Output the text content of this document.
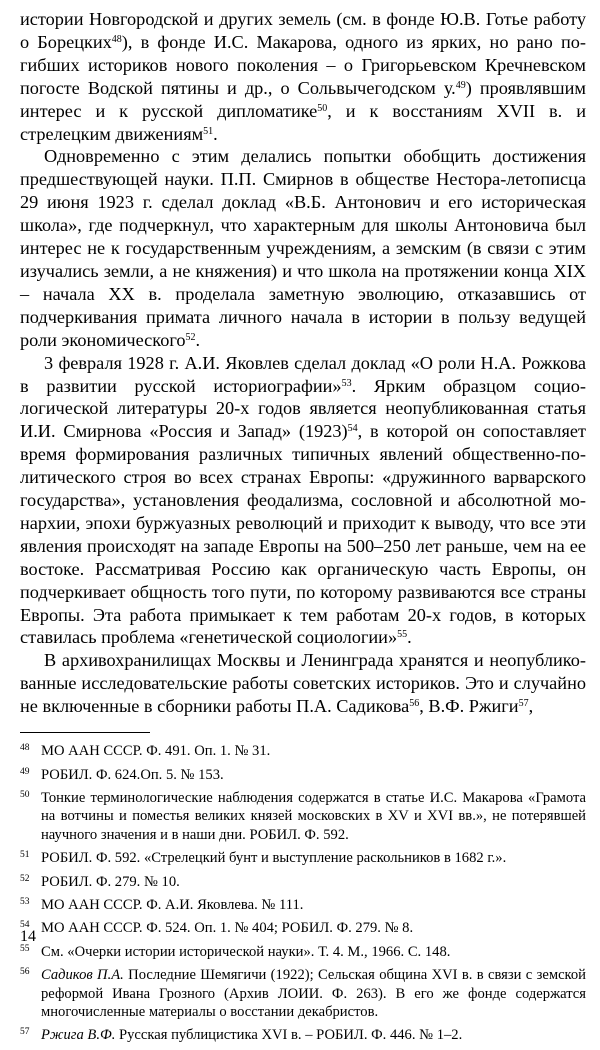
истории Новгородской и других земель (см. в фонде Ю.В. Готье работу о Борецких$^{48}$), в фонде И.С. Макарова, одного из ярких, но рано погибших историков нового поколения – о Григорьевском Кречневском погосте Водской пятины и др., о Сольвычегодском у.$^{49}$) проявлявшим интерес и к русской дипломатике$^{50}$, и к восстаниям XVII в. и стрелецким движениям$^{51}$.

Одновременно с этим делались попытки обобщить достижения предшествующей науки. П.П. Смирнов в обществе Нестора-летописца 29 июня 1923 г. сделал доклад «В.Б. Антонович и его историческая школа», где подчеркнул, что характерным для школы Антоновича был интерес не к государственным учреждениям, а земским (в связи с этим изучались земли, а не княжения) и что школа на протяжении конца XIX – начала XX в. проделала заметную эволюцию, отказавшись от подчеркивания примата личного начала в истории в пользу ведущей роли экономического$^{52}$.

3 февраля 1928 г. А.И. Яковлев сделал доклад «О роли Н.А. Рожкова в развитии русской историографии»$^{53}$. Ярким образцом социологической литературы 20-х годов является неопубликованная статья И.И. Смирнова «Россия и Запад» $(1923)^{54}$, в которой он сопоставляет время формирования различных типичных явлений общественно-политического строя во всех странах Европы: «дружинного варварского государства», установления феодализма, сословной и абсолютной монархии, эпохи буржуазных революций и приходит к выводу, что все эти явления происходят на западе Европы на 500–250 лет раньше, чем на ее востоке. Рассматривая Россию как органическую часть Европы, он подчеркивает общность того пути, по которому развиваются все страны Европы. Эта работа примыкает к тем работам 20-х годов, в которых ставилась проблема «генетической социологии»$^{55}$.

В архивохранилищах Москвы и Ленинграда хранятся и неопубликованные исследовательские работы советских историков. Это и случайно не включенные в сборники работы П.А. Садикова$^{56}$, В.Ф. Ржиги$^{57}$,

$^{48}$ МО ААН СССР. Ф. 491. Оп. 1. № 31.
$^{49}$ РОБИЛ. Ф. 624.Оп. 5. № 153.
$^{50}$ Тонкие терминологические наблюдения содержатся в статье И.С. Макарова «Грамота на вотчины и поместья великих князей московских в XV и XVI вв.», не потерявшей научного значения и в наши дни. РОБИЛ. Ф. 592.
$^{51}$ РОБИЛ. Ф. 592. «Стрелецкий бунт и выступление раскольников в 1682 г.».
$^{52}$ РОБИЛ. Ф. 279. № 10.
$^{53}$ МО ААН СССР. Ф. А.И. Яковлева. № 111.
$^{54}$ МО ААН СССР. Ф. 524. Оп. 1. № 404; РОБИЛ. Ф. 279. № 8.
$^{55}$ См. «Очерки истории исторической науки». Т. 4. М., 1966. С. 148.
$^{56}$ Садиков П.А. Последние Шемягичи (1922); Сельская община XVI в. в связи с земской реформой Ивана Грозного (Архив ЛОИИ. Ф. 263). В его же фонде содержатся многочисленные материалы о восстании декабристов.
$^{57}$ Ржига В.Ф. Русская публицистика XVI в. – РОБИЛ. Ф. 446. № 1–2.
14
